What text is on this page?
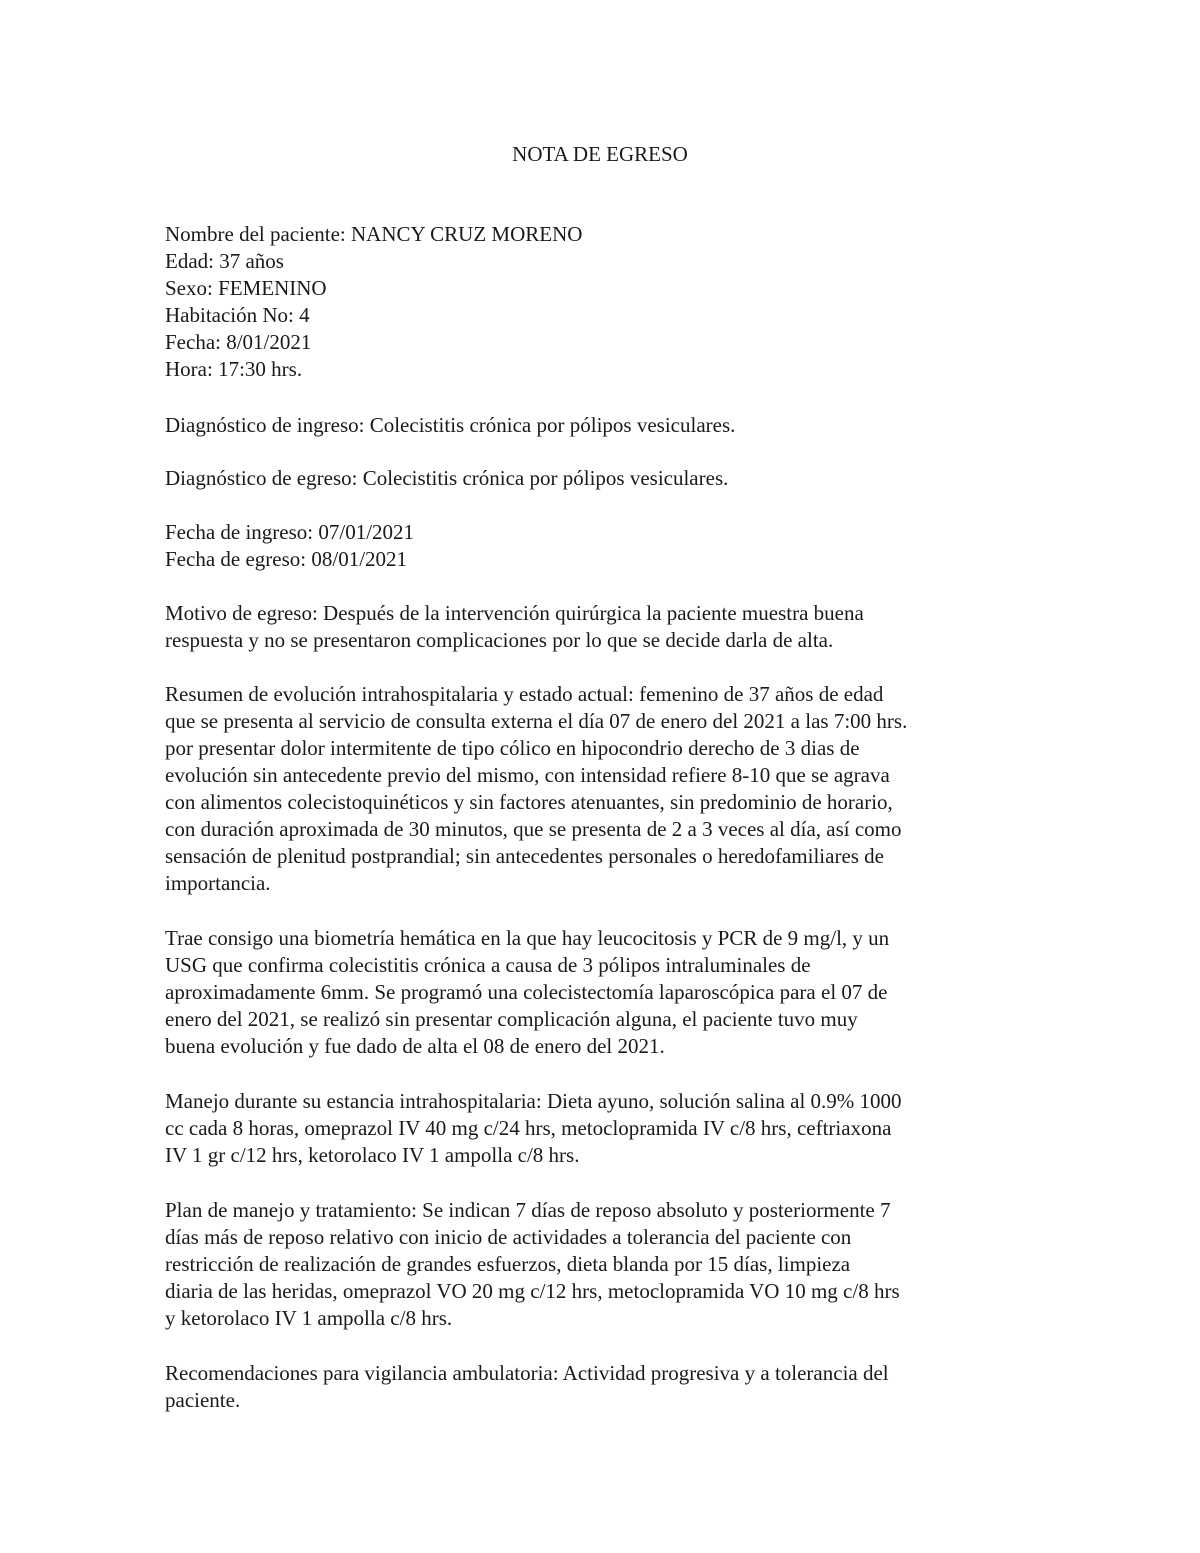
NOTA DE EGRESO
Nombre del paciente: NANCY CRUZ MORENO
Edad: 37 años
Sexo: FEMENINO
Habitación No: 4
Fecha: 8/01/2021
Hora: 17:30 hrs.
Diagnóstico de ingreso: Colecistitis crónica por pólipos vesiculares.
Diagnóstico de egreso: Colecistitis crónica por pólipos vesiculares.
Fecha de ingreso: 07/01/2021
Fecha de egreso: 08/01/2021
Motivo de egreso: Después de la intervención quirúrgica la paciente muestra buena
respuesta y no se presentaron complicaciones por lo que se decide darla de alta.
Resumen de evolución intrahospitalaria y estado actual: femenino de 37 años de edad
que se presenta al servicio de consulta externa el día 07 de enero del 2021 a las 7:00 hrs.
por presentar dolor intermitente de tipo cólico en hipocondrio derecho de 3 dias de
evolución sin antecedente previo del mismo, con intensidad refiere 8-10 que se agrava
con alimentos colecistoquinéticos y sin factores atenuantes, sin predominio de horario,
con duración aproximada de 30 minutos, que se presenta de 2 a 3 veces al día, así como
sensación de plenitud postprandial; sin antecedentes personales o heredofamiliares de
importancia.
Trae consigo una biometría hemática en la que hay leucocitosis y PCR de 9 mg/l, y un
USG que confirma colecistitis crónica a causa de 3 pólipos intraluminales de
aproximadamente 6mm. Se programó una colecistectomía laparoscópica para el 07 de
enero del 2021, se realizó sin presentar complicación alguna, el paciente tuvo muy
buena evolución y fue dado de alta el 08 de enero del 2021.
Manejo durante su estancia intrahospitalaria: Dieta ayuno, solución salina al 0.9% 1000
cc cada 8 horas, omeprazol IV 40 mg c/24 hrs, metoclopramida IV c/8 hrs, ceftriaxona
IV 1 gr c/12 hrs, ketorolaco IV 1 ampolla c/8 hrs.
Plan de manejo y tratamiento: Se indican 7 días de reposo absoluto y posteriormente 7
días más de reposo relativo con inicio de actividades a tolerancia del paciente con
restricción de realización de grandes esfuerzos, dieta blanda por 15 días, limpieza
diaria de las heridas, omeprazol VO 20 mg c/12 hrs, metoclopramida VO 10 mg c/8 hrs
y ketorolaco IV 1 ampolla c/8 hrs.
Recomendaciones para vigilancia ambulatoria: Actividad progresiva y a tolerancia del
paciente.
